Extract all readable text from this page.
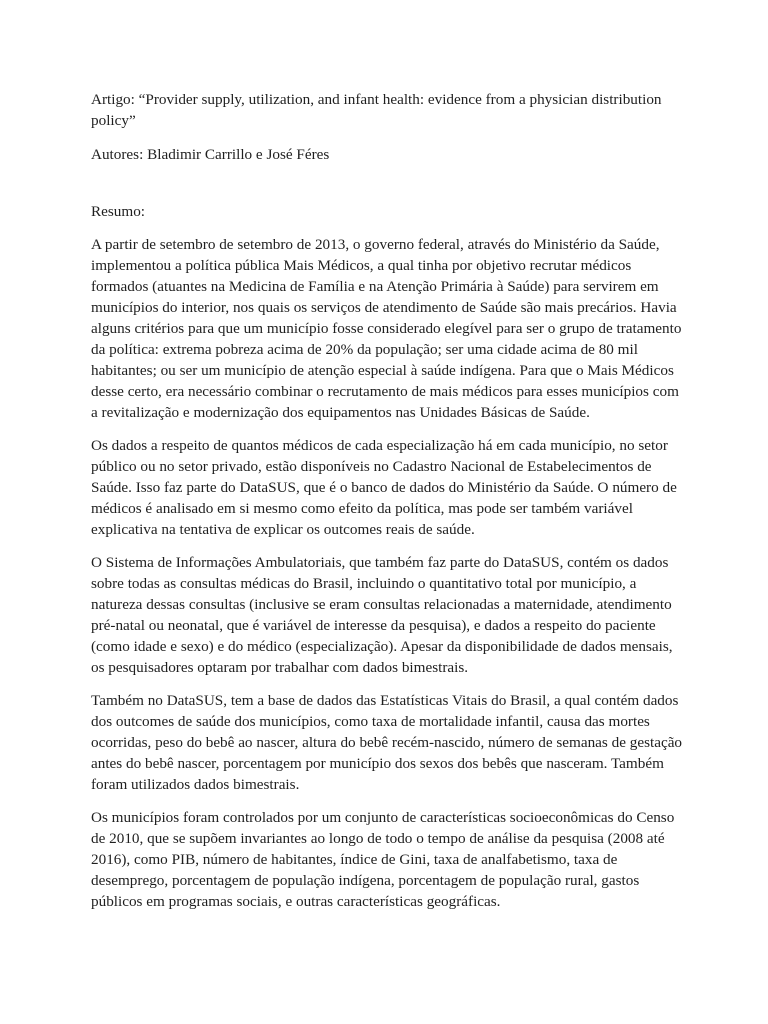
Artigo: “Provider supply, utilization, and infant health: evidence from a physician distribution policy”

Autores: Bladimir Carrillo e José Féres

Resumo:

A partir de setembro de setembro de 2013, o governo federal, através do Ministério da Saúde, implementou a política pública Mais Médicos, a qual tinha por objetivo recrutar médicos formados (atuantes na Medicina de Família e na Atenção Primária à Saúde) para servirem em municípios do interior, nos quais os serviços de atendimento de Saúde são mais precários. Havia alguns critérios para que um município fosse considerado elegível para ser o grupo de tratamento da política: extrema pobreza acima de 20% da população; ser uma cidade acima de 80 mil habitantes; ou ser um município de atenção especial à saúde indígena. Para que o Mais Médicos desse certo, era necessário combinar o recrutamento de mais médicos para esses municípios com a revitalização e modernização dos equipamentos nas Unidades Básicas de Saúde.

Os dados a respeito de quantos médicos de cada especialização há em cada município, no setor público ou no setor privado, estão disponíveis no Cadastro Nacional de Estabelecimentos de Saúde. Isso faz parte do DataSUS, que é o banco de dados do Ministério da Saúde. O número de médicos é analisado em si mesmo como efeito da política, mas pode ser também variável explicativa na tentativa de explicar os outcomes reais de saúde.

O Sistema de Informações Ambulatoriais, que também faz parte do DataSUS, contém os dados sobre todas as consultas médicas do Brasil, incluindo o quantitativo total por município, a natureza dessas consultas (inclusive se eram consultas relacionadas a maternidade, atendimento pré-natal ou neonatal, que é variável de interesse da pesquisa), e dados a respeito do paciente (como idade e sexo) e do médico (especialização). Apesar da disponibilidade de dados mensais, os pesquisadores optaram por trabalhar com dados bimestrais.

Também no DataSUS, tem a base de dados das Estatísticas Vitais do Brasil, a qual contém dados dos outcomes de saúde dos municípios, como taxa de mortalidade infantil, causa das mortes ocorridas, peso do bebê ao nascer, altura do bebê recém-nascido, número de semanas de gestação antes do bebê nascer, porcentagem por município dos sexos dos bebês que nasceram. Também foram utilizados dados bimestrais.

Os municípios foram controlados por um conjunto de características socioeconômicas do Censo de 2010, que se supõem invariantes ao longo de todo o tempo de análise da pesquisa (2008 até 2016), como PIB, número de habitantes, índice de Gini, taxa de analfabetismo, taxa de desemprego, porcentagem de população indígena, porcentagem de população rural, gastos públicos em programas sociais, e outras características geográficas.
